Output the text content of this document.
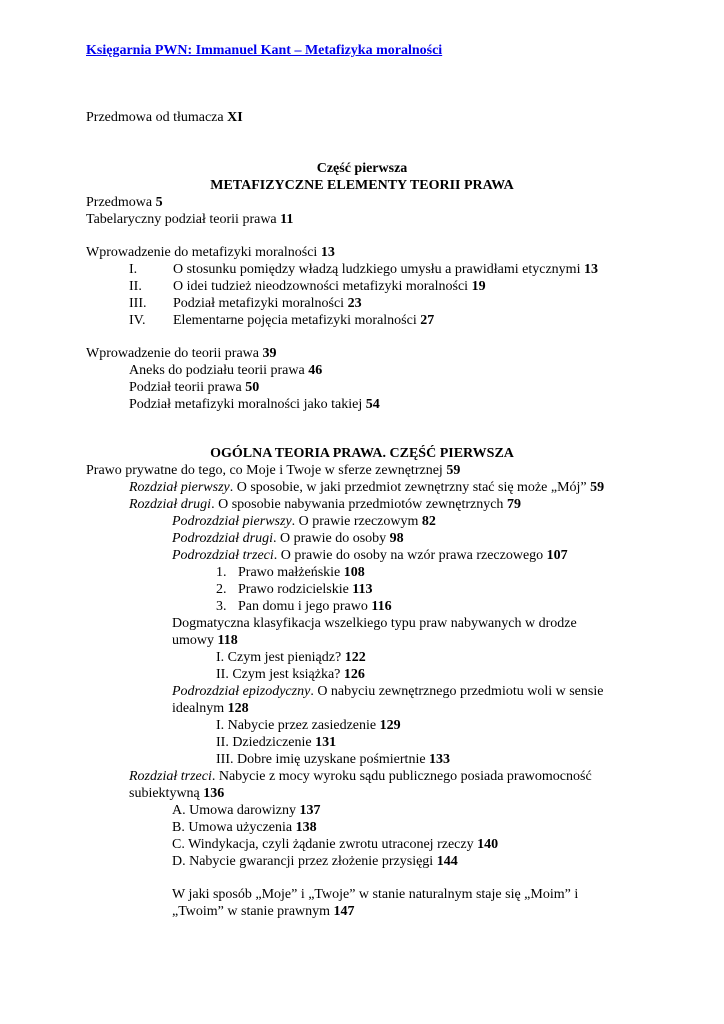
Księgarnia PWN: Immanuel Kant – Metafizyka moralności
Przedmowa od tłumacza XI
Część pierwsza
METAFIZYCZNE ELEMENTY TEORII PRAWA
Przedmowa 5
Tabelaryczny podział teorii prawa 11
Wprowadzenie do metafizyki moralności 13
I.	O stosunku pomiędzy władzą ludzkiego umysłu a prawidłami etycznymi 13
II. O idei tudzież nieodzowności metafizyki moralności 19
III. Podział metafizyki moralności 23
IV. Elementarne pojęcia metafizyki moralności 27
Wprowadzenie do teorii prawa 39
Aneks do podziału teorii prawa 46
Podział teorii prawa 50
Podział metafizyki moralności jako takiej 54
OGÓLNA TEORIA PRAWA. CZĘŚĆ PIERWSZA
Prawo prywatne do tego, co Moje i Twoje w sferze zewnętrznej 59
Rozdział pierwszy. O sposobie, w jaki przedmiot zewnętrzny stać się może „Mój” 59
Rozdział drugi. O sposobie nabywania przedmiotów zewnętrznych 79
Podrozdział pierwszy. O prawie rzeczowym 82
Podrozdział drugi. O prawie do osoby 98
Podrozdział trzeci. O prawie do osoby na wzór prawa rzeczowego 107
1. Prawo małżeńskie 108
2. Prawo rodzicielskie 113
3. Pan domu i jego prawo 116
Dogmatyczna klasyfikacja wszelkiego typu praw nabywanych w drodze
umowy 118
I. Czym jest pieniądz? 122
II. Czym jest książka? 126
Podrozdział epizodyczny. O nabyciu zewnętrznego przedmiotu woli w sensie
idealnym 128
I. Nabycie przez zasiedzenie 129
II. Dziedziczenie 131
III. Dobre imię uzyskane pośmiertnie 133
Rozdział trzeci. Nabycie z mocy wyroku sądu publicznego posiada prawomocność
subiektywną 136
A. Umowa darowizny 137
B. Umowa użyczenia 138
C. Windykacja, czyli żądanie zwrotu utraconej rzeczy 140
D. Nabycie gwarancji przez złożenie przysięgi 144
W jaki sposób „Moje” i „Twoje” w stanie naturalnym staje się „Moim” i
„Twoim” w stanie prawnym 147
